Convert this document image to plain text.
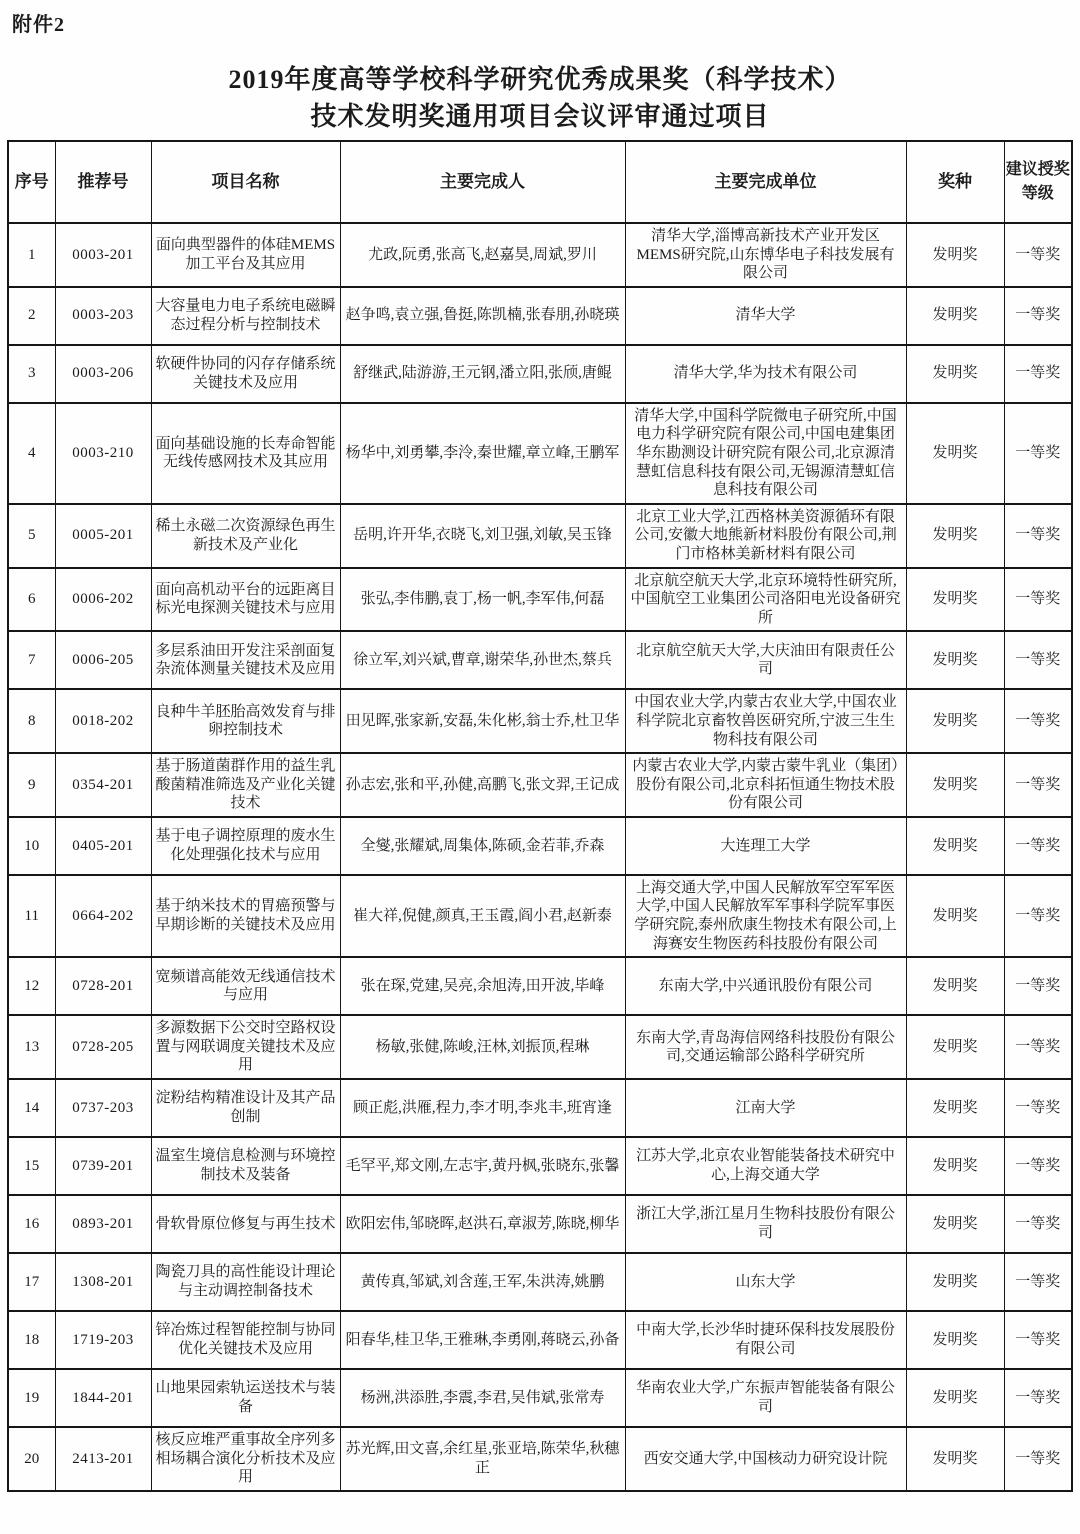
附件2
2019年度高等学校科学研究优秀成果奖（科学技术）
技术发明奖通用项目会议评审通过项目
序号	推荐号	项目名称	主要完成人	主要完成单位	奖种	建议授奖等级
1	0003-201	面向典型器件的体硅MEMS加工平台及其应用	尤政,阮勇,张高飞,赵嘉昊,周斌,罗川	清华大学,淄博高新技术产业开发区MEMS研究院,山东博华电子科技发展有限公司	发明奖	一等奖
2	0003-203	大容量电力电子系统电磁瞬态过程分析与控制技术	赵争鸣,袁立强,鲁挺,陈凯楠,张春朋,孙晓瑛	清华大学	发明奖	一等奖
3	0003-206	软硬件协同的闪存存储系统关键技术及应用	舒继武,陆游游,王元钢,潘立阳,张颀,唐鲲	清华大学,华为技术有限公司	发明奖	一等奖
4	0003-210	面向基础设施的长寿命智能无线传感网技术及其应用	杨华中,刘勇攀,李泠,秦世耀,章立峰,王鹏军	清华大学,中国科学院微电子研究所,中国电力科学研究院有限公司,中国电建集团华东勘测设计研究院有限公司,北京源清慧虹信息科技有限公司,无锡源清慧虹信息科技有限公司	发明奖	一等奖
5	0005-201	稀土永磁二次资源绿色再生新技术及产业化	岳明,许开华,衣晓飞,刘卫强,刘敏,吴玉锋	北京工业大学,江西格林美资源循环有限公司,安徽大地熊新材料股份有限公司,荆门市格林美新材料有限公司	发明奖	一等奖
6	0006-202	面向高机动平台的远距离目标光电探测关键技术与应用	张弘,李伟鹏,袁丁,杨一帆,李军伟,何磊	北京航空航天大学,北京环境特性研究所,中国航空工业集团公司洛阳电光设备研究所	发明奖	一等奖
7	0006-205	多层系油田开发注采剖面复杂流体测量关键技术及应用	徐立军,刘兴斌,曹章,谢荣华,孙世杰,蔡兵	北京航空航天大学,大庆油田有限责任公司	发明奖	一等奖
8	0018-202	良种牛羊胚胎高效发育与排卵控制技术	田见晖,张家新,安磊,朱化彬,翁士乔,杜卫华	中国农业大学,内蒙古农业大学,中国农业科学院北京畜牧兽医研究所,宁波三生生物科技有限公司	发明奖	一等奖
9	0354-201	基于肠道菌群作用的益生乳酸菌精准筛选及产业化关键技术	孙志宏,张和平,孙健,高鹏飞,张文羿,王记成	内蒙古农业大学,内蒙古蒙牛乳业（集团）股份有限公司,北京科拓恒通生物技术股份有限公司	发明奖	一等奖
10	0405-201	基于电子调控原理的废水生化处理强化技术与应用	全燮,张耀斌,周集体,陈硕,金若菲,乔森	大连理工大学	发明奖	一等奖
11	0664-202	基于纳米技术的胃癌预警与早期诊断的关键技术及应用	崔大祥,倪健,颜真,王玉霞,阎小君,赵新泰	上海交通大学,中国人民解放军空军军医大学,中国人民解放军军事科学院军事医学研究院,泰州欣康生物技术有限公司,上海赛安生物医药科技股份有限公司	发明奖	一等奖
12	0728-201	宽频谱高能效无线通信技术与应用	张在琛,党建,吴亮,余旭涛,田开波,毕峰	东南大学,中兴通讯股份有限公司	发明奖	一等奖
13	0728-205	多源数据下公交时空路权设置与网联调度关键技术及应用	杨敏,张健,陈峻,汪林,刘振顶,程琳	东南大学,青岛海信网络科技股份有限公司,交通运输部公路科学研究所	发明奖	一等奖
14	0737-203	淀粉结构精准设计及其产品创制	顾正彪,洪雁,程力,李才明,李兆丰,班宵逢	江南大学	发明奖	一等奖
15	0739-201	温室生境信息检测与环境控制技术及装备	毛罕平,郑文刚,左志宇,黄丹枫,张晓东,张馨	江苏大学,北京农业智能装备技术研究中心,上海交通大学	发明奖	一等奖
16	0893-201	骨软骨原位修复与再生技术	欧阳宏伟,邹晓晖,赵洪石,章淑芳,陈晓,柳华	浙江大学,浙江星月生物科技股份有限公司	发明奖	一等奖
17	1308-201	陶瓷刀具的高性能设计理论与主动调控制备技术	黄传真,邹斌,刘含莲,王军,朱洪涛,姚鹏	山东大学	发明奖	一等奖
18	1719-203	锌冶炼过程智能控制与协同优化关键技术及应用	阳春华,桂卫华,王雅琳,李勇刚,蒋晓云,孙备	中南大学,长沙华时捷环保科技发展股份有限公司	发明奖	一等奖
19	1844-201	山地果园索轨运送技术与装备	杨洲,洪添胜,李震,李君,吴伟斌,张常寿	华南农业大学,广东振声智能装备有限公司	发明奖	一等奖
20	2413-201	核反应堆严重事故全序列多相场耦合演化分析技术及应用	苏光辉,田文喜,余红星,张亚培,陈荣华,秋穗正	西安交通大学,中国核动力研究设计院	发明奖	一等奖
